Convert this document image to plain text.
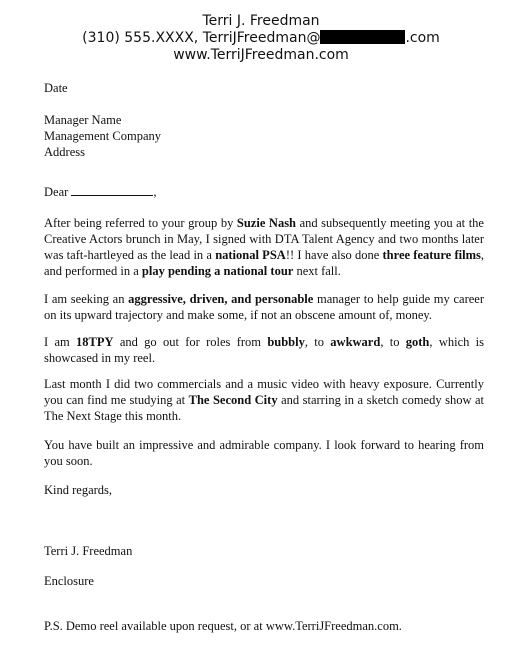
Terri J. Freedman
(310) 555.XXXX, TerriJFreedman@	.com
www.TerriJFreedman.com
Date
Manager Name
Management Company
Address
Dear	,

After being referred to your group by Suzie Nash and subsequently meeting you at the Creative Actors brunch in May, I signed with DTA Talent Agency and two months later was taft-hartleyed as the lead in a national PSA!! I have also done three feature films, and performed in a play pending a national tour next fall.

I am seeking an aggressive, driven, and personable manager to help guide my career on its upward trajectory and make some, if not an obscene amount of, money.

I am 18TPY and go out for roles from bubbly, to awkward, to goth, which is showcased in my reel.

Last month I did two commercials and a music video with heavy exposure. Currently you can find me studying at The Second City and starring in a sketch comedy show at The Next Stage this month.

You have built an impressive and admirable company. I look forward to hearing from you soon.

Kind regards,
Terri J. Freedman
Enclosure
P.S. Demo reel available upon request, or at www.TerriJFreedman.com.
